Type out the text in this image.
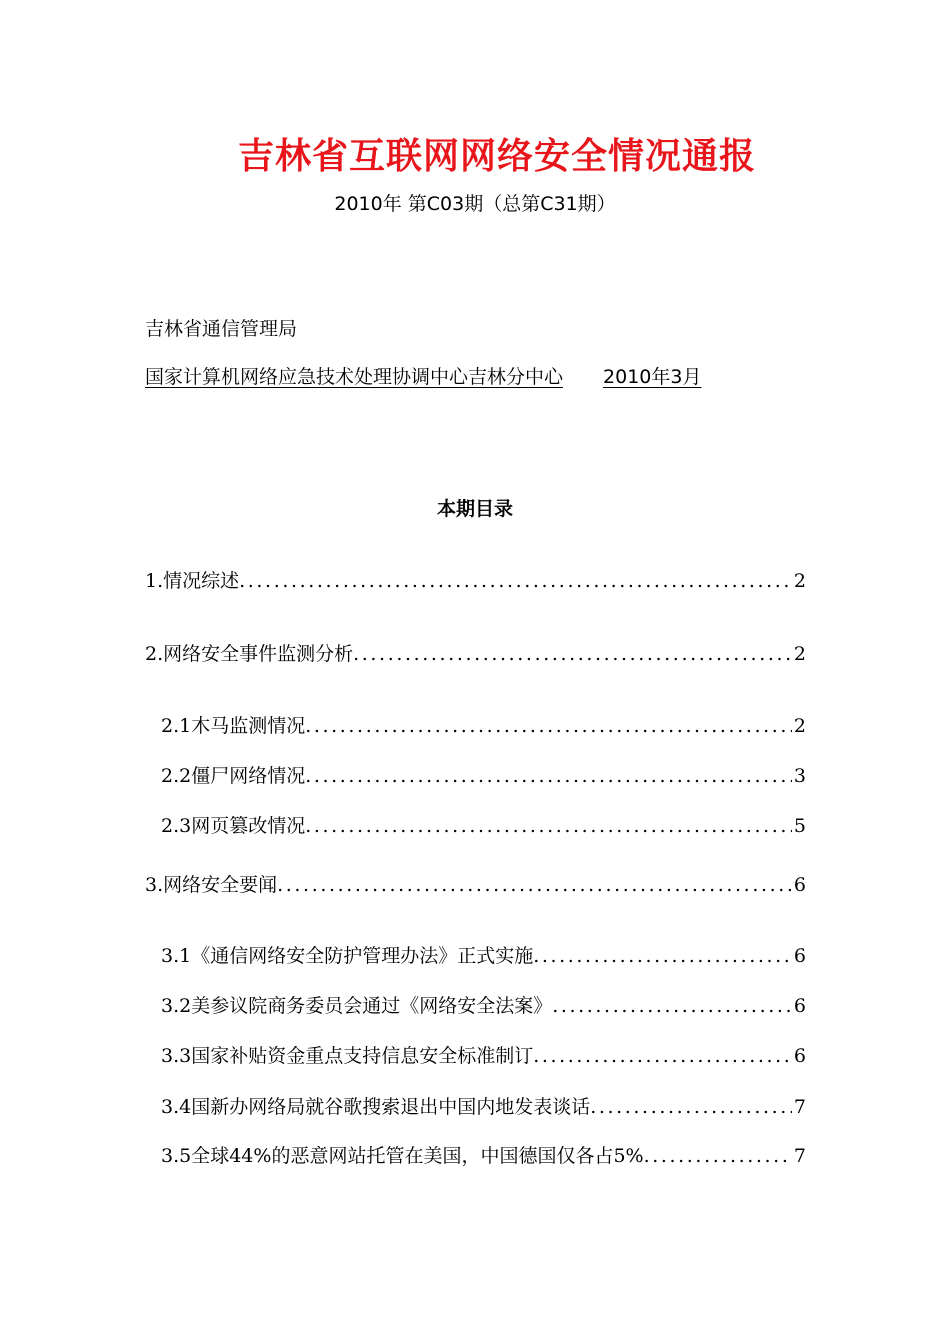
吉林省互联网网络安全情况通报
2010年 第C03期（总第C31期）
吉林省通信管理局
国家计算机网络应急技术处理协调中心吉林分中心 2010年3月
本期目录
1.情况综述 .....	2
2.网络安全事件监测分析 .....	2
2.1木马监测情况 .....	2
2.2僵尸网络情况 .....	3
2.3网页篡改情况 .....	5
3.网络安全要闻 .....	6
3.1《通信网络安全防护管理办法》正式实施 .....	6
3.2美参议院商务委员会通过《网络安全法案》 .....	6
3.3国家补贴资金重点支持信息安全标准制订 .....	6
3.4国新办网络局就谷歌搜索退出中国内地发表谈话 .....	7
3.5全球44%的恶意网站托管在美国，中国德国仅各占5% .....	7
